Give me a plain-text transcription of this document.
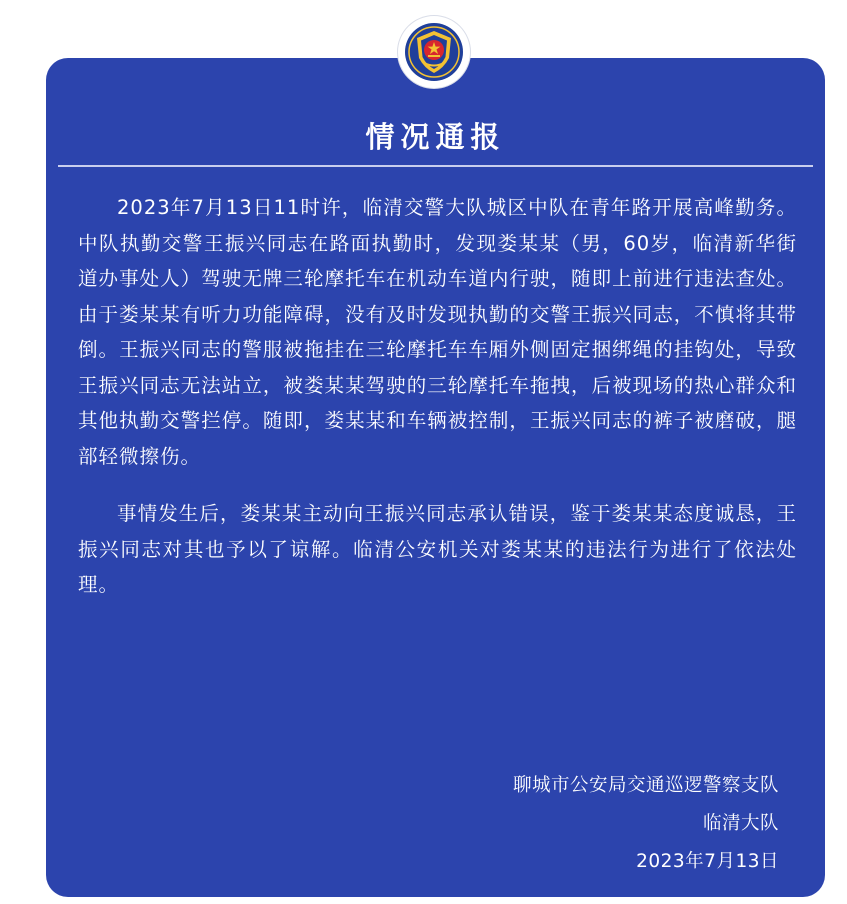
情况通报

2023年7月13日11时许，临清交警大队城区中队在青年路开展高峰勤务。中队执勤交警王振兴同志在路面执勤时，发现娄某某（男，60岁，临清新华街道办事处人）驾驶无牌三轮摩托车在机动车道内行驶，随即上前进行违法查处。由于娄某某有听力功能障碍，没有及时发现执勤的交警王振兴同志，不慎将其带倒。王振兴同志的警服被拖挂在三轮摩托车车厢外侧固定捆绑绳的挂钩处，导致王振兴同志无法站立，被娄某某驾驶的三轮摩托车拖拽，后被现场的热心群众和其他执勤交警拦停。随即，娄某某和车辆被控制，王振兴同志的裤子被磨破，腿部轻微擦伤。

事情发生后，娄某某主动向王振兴同志承认错误，鉴于娄某某态度诚恳，王振兴同志对其也予以了谅解。临清公安机关对娄某某的违法行为进行了依法处理。

聊城市公安局交通巡逻警察支队
临清大队
2023年7月13日
